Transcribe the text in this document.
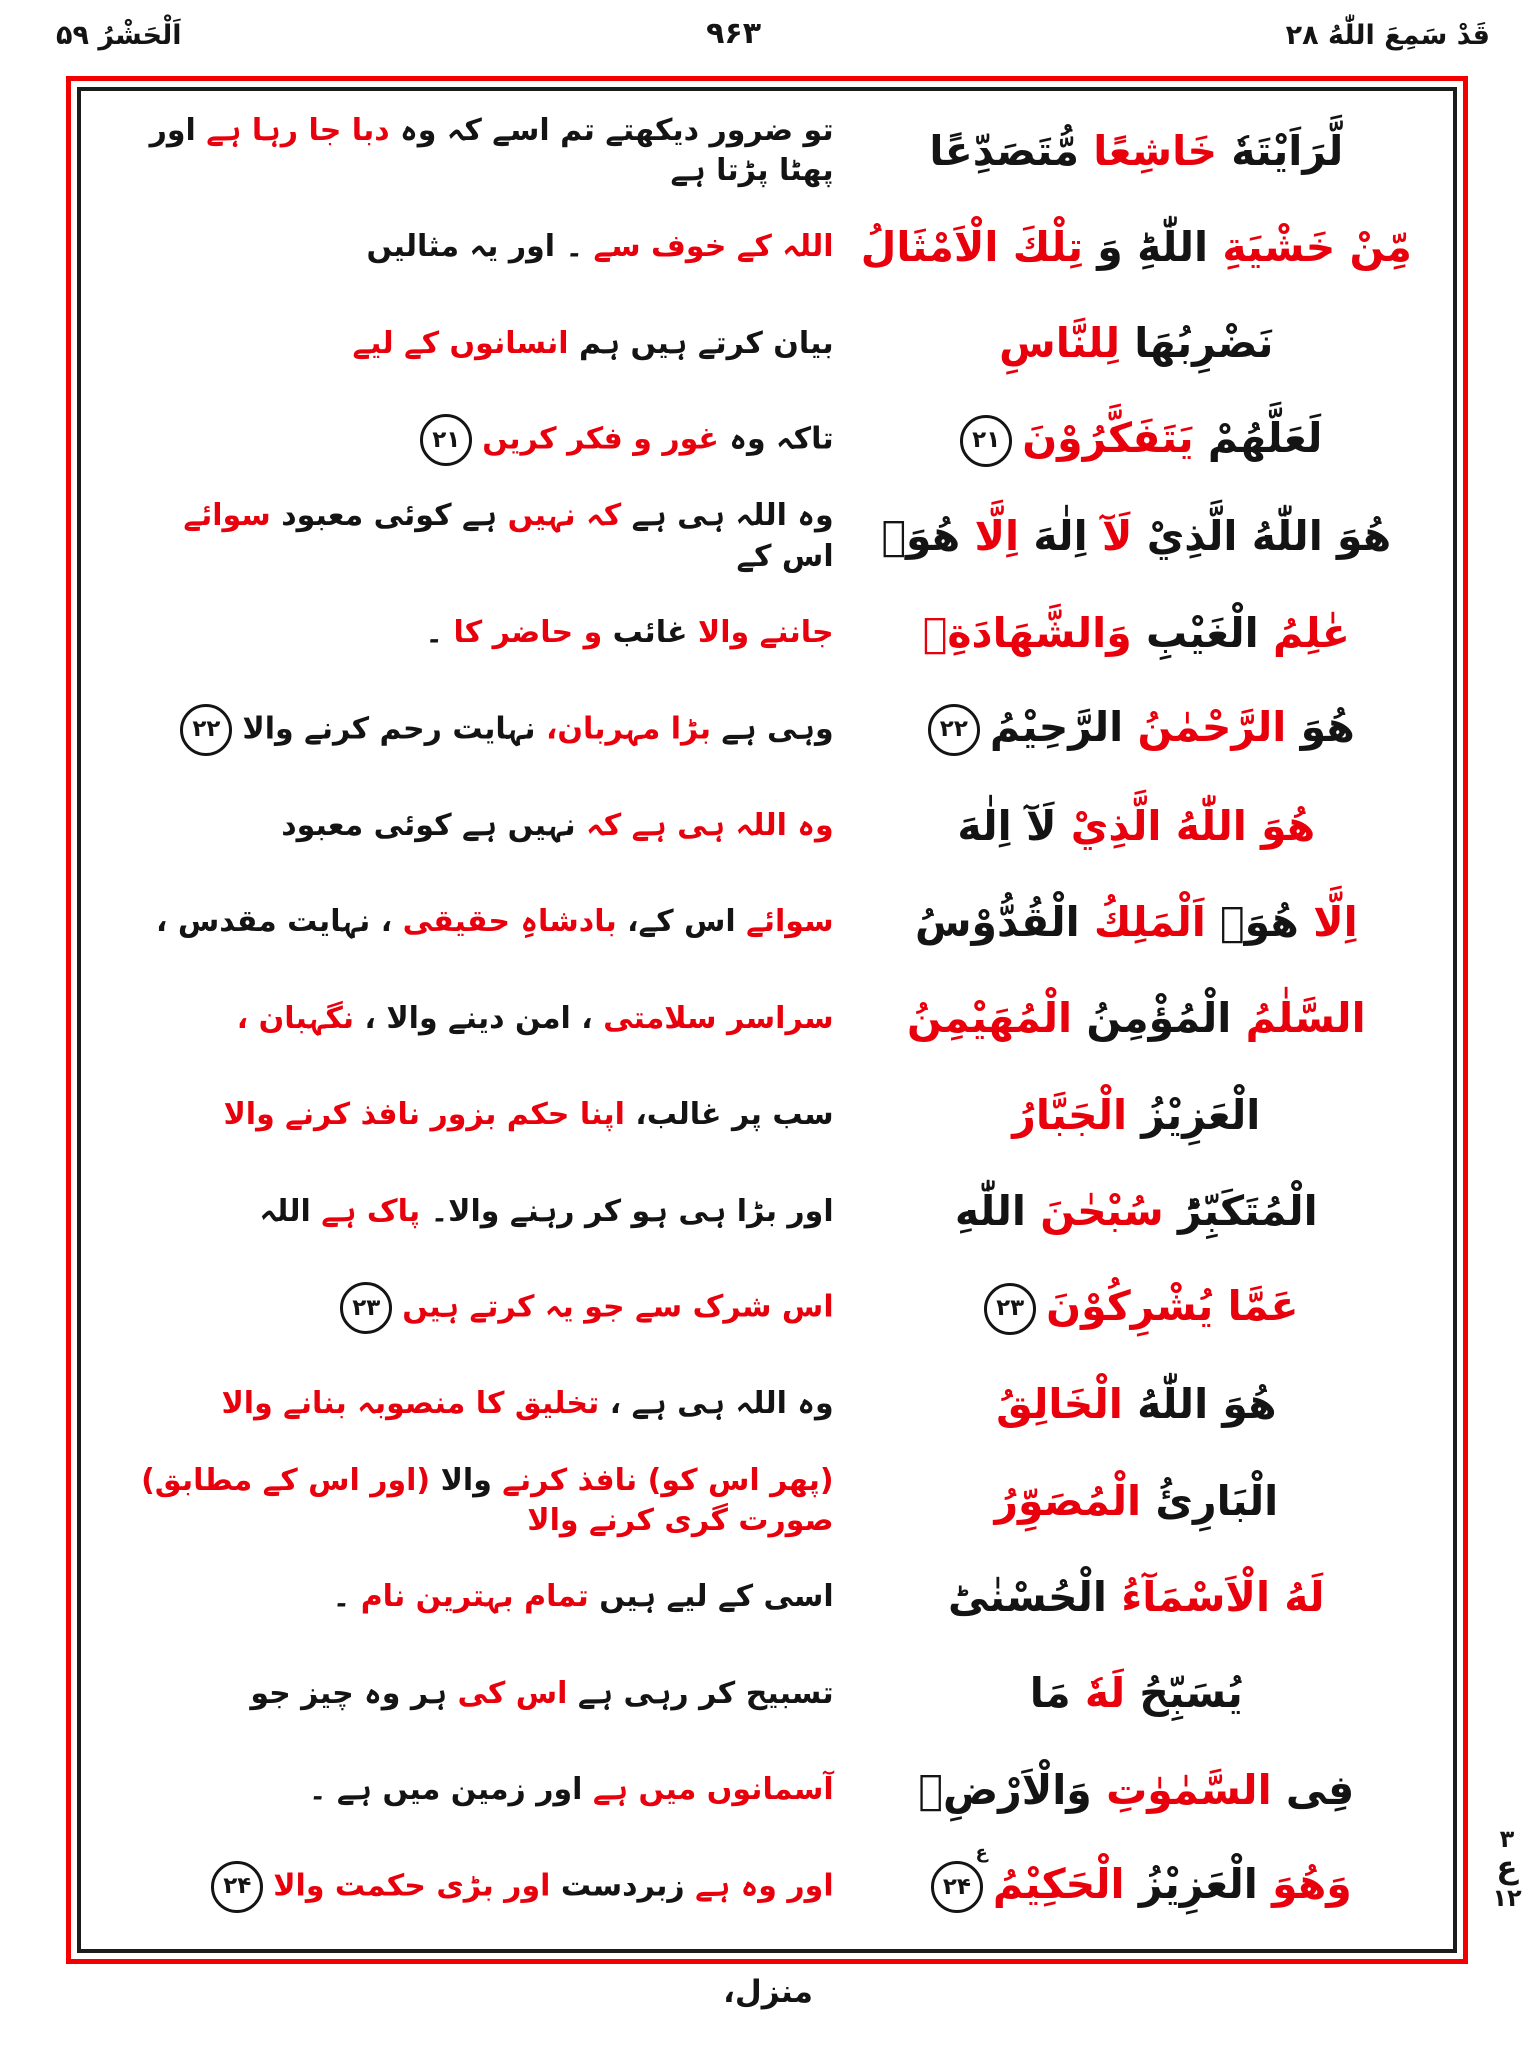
اَلْحَشْرُ ۵۹	۹۶۳	قَدْ سَمِعَ اللّٰهُ ۲۸
لَّرَاَيْتَهٗ خَاشِعًا مُّتَصَدِّعًا
تو ضرور دیکھتے تم اسے کہ وہ دبا جا رہا ہے اور پھٹا پڑتا ہے
مِّنْ خَشْيَةِ اللّٰهِؕ وَ تِلْكَ الْاَمْثَالُ
اللہ کے خوف سے ۔ اور یہ مثالیں
نَضْرِبُهَا لِلنَّاسِ
بیان کرتے ہیں ہم انسانوں کے لیے
لَعَلَّهُمْ يَتَفَكَّرُوْنَ۲۱
تاکہ وہ غور و فکر کریں۲۱
هُوَ اللّٰهُ الَّذِيْ لَآ اِلٰهَ اِلَّا هُوَۚ
وہ اللہ ہی ہے کہ نہیں ہے کوئی معبود سوائے اس کے
عٰلِمُ الْغَيْبِ وَالشَّهَادَةِۚ
جاننے والا غائب و حاضر کا ۔
هُوَ الرَّحْمٰنُ الرَّحِيْمُ۲۲
وہی ہے بڑا مہربان، نہایت رحم کرنے والا۲۲
هُوَ اللّٰهُ الَّذِيْ لَآ اِلٰهَ
وہ اللہ ہی ہے کہ نہیں ہے کوئی معبود
اِلَّا هُوَۚ اَلْمَلِكُ الْقُدُّوْسُ
سوائے اس کے، بادشاہِ حقیقی ، نہایت مقدس ،
السَّلٰمُ الْمُؤْمِنُ الْمُهَيْمِنُ
سراسر سلامتی ، امن دینے والا ، نگہبان ،
الْعَزِيْزُ الْجَبَّارُ
سب پر غالب، اپنا حکم بزور نافذ کرنے والا
الْمُتَكَبِّرُؕ سُبْحٰنَ اللّٰهِ
اور بڑا ہی ہو کر رہنے والا۔ پاک ہے اللہ
عَمَّا يُشْرِكُوْنَ۲۳
اس شرک سے جو یہ کرتے ہیں۲۳
هُوَ اللّٰهُ الْخَالِقُ
وہ اللہ ہی ہے ، تخلیق کا منصوبہ بنانے والا
الْبَارِئُ الْمُصَوِّرُ
(پھر اس کو) نافذ کرنے والا (اور اس کے مطابق) صورت گری کرنے والا
لَهُ الْاَسْمَآءُ الْحُسْنٰىؕ
اسی کے لیے ہیں تمام بہترین نام ۔
يُسَبِّحُ لَهٗ مَا
تسبیح کر رہی ہے اس کی ہر وہ چیز جو
فِی السَّمٰوٰتِ وَالْاَرْضِۚ
آسمانوں میں ہے اور زمین میں ہے ۔
وَهُوَ الْعَزِيْزُ الْحَكِيْمُ۲۴
ع
اور وہ ہے زبردست اور بڑی حکمت والا۲۴
۳
ع
۱۲
منزل،
